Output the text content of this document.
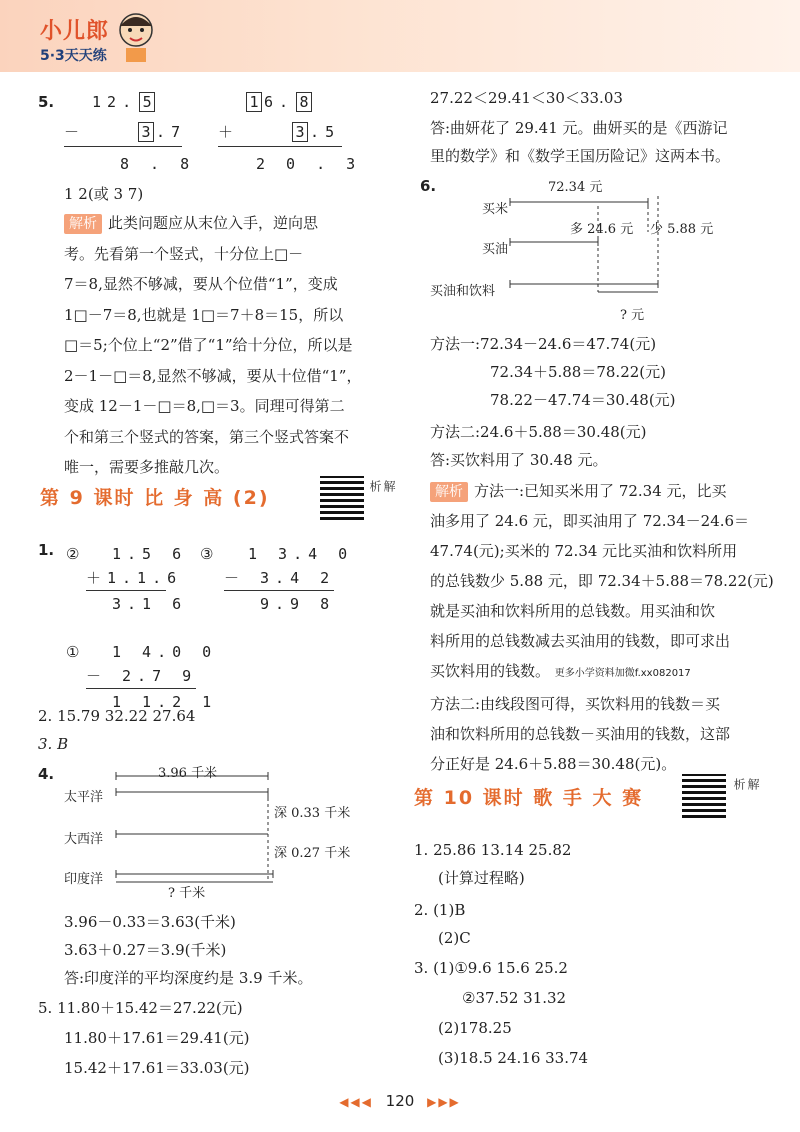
小儿郎
5·3天天练
5.	12. 5
－	3 .7
8 . 8
1 6. 8
＋	3 .5
2 0 . 3
1 2(或 3 7)
解析 此类问题应从末位入手，逆向思
考。先看第一个竖式，十分位上□－
7＝8,显然不够减，要从个位借“1”，变成
1□－7＝8,也就是 1□＝7＋8＝15，所以
□＝5;个位上“2”借了“1”给十分位，所以是
2－1－□＝8,显然不够减，要从十位借“1”，
变成 12－1－□＝8,□＝3。同理可得第二
个和第三个竖式的答案，第三个竖式答案不
唯一，需要多推敲几次。
第 9 课时 比 身 高 (2)
解析
1. ② 1.5 6
＋1.1.6
3.1 6
③ 1 3.4 0
－ 3.4 2
9.9 8
① 1 4.0 0
－ 2.7 9
1 1.2 1
2. 15.79 32.22 27.64
3. B
4.	3.96 千米
太平洋
大西洋
印度洋
深 0.33 千米
深 0.27 千米
? 千米
3.96－0.33＝3.63(千米)
3.63＋0.27＝3.9(千米)
答:印度洋的平均深度约是 3.9 千米。
5. 11.80＋15.42＝27.22(元)
11.80＋17.61＝29.41(元)
15.42＋17.61＝33.03(元)
27.22＜29.41＜30＜33.03
答:曲妍花了 29.41 元。曲妍买的是《西游记
里的数学》和《数学王国历险记》这两本书。
6.	72.34 元
买米
多 24.6 元 少 5.88 元
买油
买油和饮料
? 元
方法一:72.34－24.6＝47.74(元)
72.34＋5.88＝78.22(元)
78.22－47.74＝30.48(元)
方法二:24.6＋5.88＝30.48(元)
答:买饮料用了 30.48 元。
解析 方法一:已知买米用了 72.34 元，比买
油多用了 24.6 元，即买油用了 72.34－24.6＝
47.74(元);买米的 72.34 元比买油和饮料所用
的总钱数少 5.88 元，即 72.34＋5.88＝78.22(元)
就是买油和饮料所用的总钱数。用买油和饮
料所用的总钱数减去买油用的钱数，即可求出
买饮料用的钱数。 更多小学资料加微f.xx082017
方法二:由线段图可得，买饮料用的钱数＝买
油和饮料所用的总钱数－买油用的钱数，这部
分正好是 24.6＋5.88＝30.48(元)。
第 10 课时 歌 手 大 赛
解析
1. 25.86 13.14 25.82
(计算过程略)
2. (1)B
(2)C
3. (1)①9.6 15.6 25.2
②37.52 31.32
(2)178.25
(3)18.5 24.16 33.74
◀◀◀ 120 ▶▶▶
